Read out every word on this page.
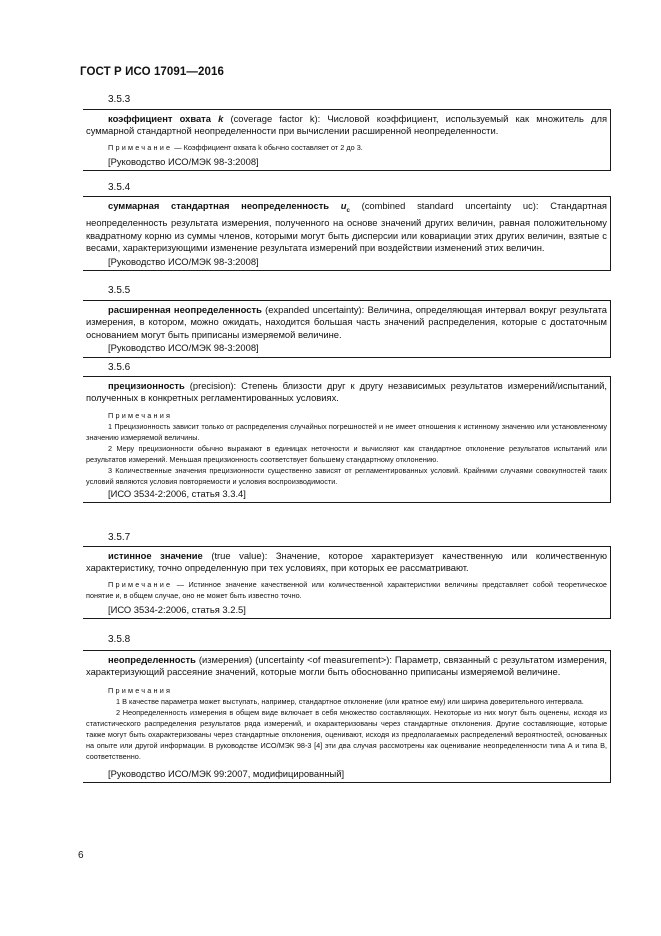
ГОСТ Р ИСО 17091—2016
3.5.3

коэффициент охвата k (coverage factor k): Числовой коэффициент, используемый как множитель для суммарной стандартной неопределенности при вычислении расширенной неопределенности.

Примечание — Коэффициент охвата k обычно составляет от 2 до 3.

[Руководство ИСО/МЭК 98-3:2008]

3.5.4

суммарная стандартная неопределенность $u_c$ (combined standard uncertainty uc): Стандартная неопределенность результата измерения, полученного на основе значений других величин, равная положительному квадратному корню из суммы членов, которыми могут быть дисперсии или ковариации этих других величин, взятые с весами, характеризующими изменение результата измерений при воздействии изменений этих величин.

[Руководство ИСО/МЭК 98-3:2008]

3.5.5

расширенная неопределенность (expanded uncertainty): Величина, определяющая интервал вокруг результата измерения, в котором, можно ожидать, находится большая часть значений распределения, которые с достаточным основанием могут быть приписаны измеряемой величине.

[Руководство ИСО/МЭК 98-3:2008]

3.5.6

прецизионность (precision): Степень близости друг к другу независимых результатов измерений/испытаний, полученных в конкретных регламентированных условиях.

Примечания

1 Прецизионность зависит только от распределения случайных погрешностей и не имеет отношения к истинному значению или установленному значению измеряемой величины.

2 Меру прецизионности обычно выражают в единицах неточности и вычисляют как стандартное отклонение результатов испытаний или результатов измерений. Меньшая прецизионность соответствует большему стандартному отклонению.

3 Количественные значения прецизионности существенно зависят от регламентированных условий. Крайними случаями совокупностей таких условий являются условия повторяемости и условия воспроизводимости.

[ИСО 3534-2:2006, статья 3.3.4]

3.5.7

истинное значение (true value): Значение, которое характеризует качественную или количественную характеристику, точно определенную при тех условиях, при которых ее рассматривают.

Примечание — Истинное значение качественной или количественной характеристики величины представляет собой теоретическое понятие и, в общем случае, оно не может быть известно точно.

[ИСО 3534-2:2006, статья 3.2.5]

3.5.8

неопределенность (измерения) (uncertainty <of measurement>): Параметр, связанный с результатом измерения, характеризующий рассеяние значений, которые могли быть обоснованно приписаны измеряемой величине.

Примечания

1 В качестве параметра может выступать, например, стандартное отклонение (или кратное ему) или ширина доверительного интервала.

2 Неопределенность измерения в общем виде включает в себя множество составляющих. Некоторые из них могут быть оценены, исходя из статистического распределения результатов ряда измерений, и охарактеризованы через стандартные отклонения. Другие составляющие, которые также могут быть охарактеризованы через стандартные отклонения, оценивают, исходя из предполагаемых распределений вероятностей, основанных на опыте или другой информации. В руководстве ИСО/МЭК 98-3 [4] эти два случая рассмотрены как оценивание неопределенности типа А и типа В, соответственно.

[Руководство ИСО/МЭК 99:2007, модифицированный]

6
